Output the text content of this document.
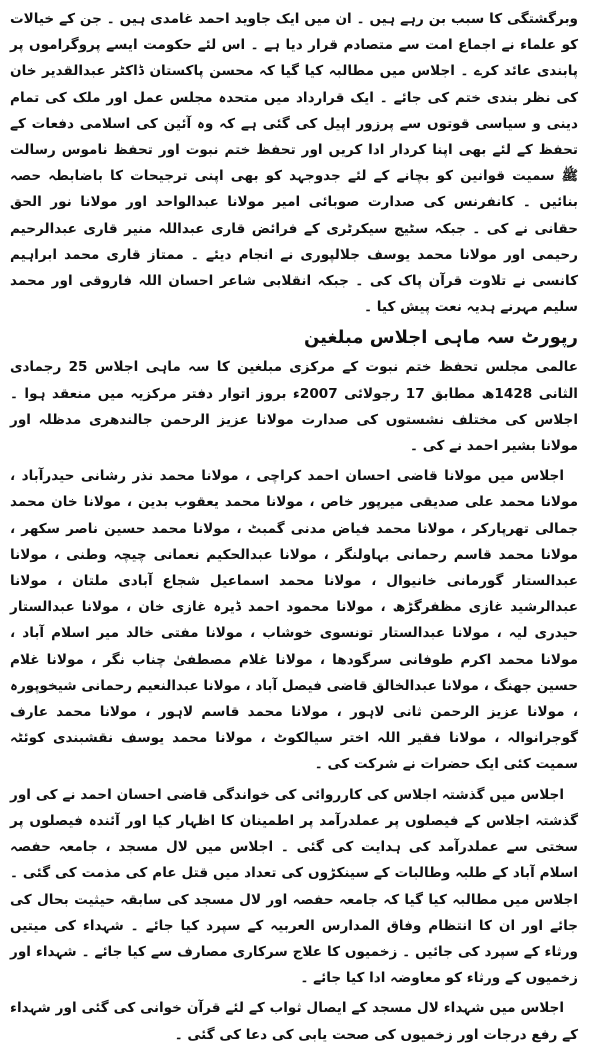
وبرگشتگی کا سبب بن رہے ہیں ۔ ان میں ایک جاوید احمد غامدی ہیں ۔ جن کے خیالات کو علماء نے اجماع امت سے متصادم قرار دیا ہے ۔ اس لئے حکومت ایسے پروگراموں پر پابندی عائد کرے ۔ اجلاس میں مطالبہ کیا گیا کہ محسن پاکستان ڈاکٹر عبدالقدیر خان کی نظر بندی ختم کی جائے ۔ ایک قرارداد میں متحدہ مجلس عمل اور ملک کی تمام دینی و سیاسی قوتوں سے پرزور اپیل کی گئی ہے کہ وہ آئین کی اسلامی دفعات کے تحفظ کے لئے بھی اپنا کردار ادا کریں اور تحفظ ختم نبوت اور تحفظ ناموس رسالت ﷺ سمیت قوانین کو بچانے کے لئے جدوجہد کو بھی اپنی ترجیحات کا باضابطہ حصہ بنائیں ۔ کانفرنس کی صدارت صوبائی امیر مولانا عبدالواحد اور مولانا نور الحق حقانی نے کی ۔ جبکہ سٹیج سیکرٹری کے فرائض قاری عبداللہ منیر قاری عبدالرحیم رحیمی اور مولانا محمد یوسف جلالپوری نے انجام دیئے ۔ ممتاز قاری محمد ابراہیم کانسی نے تلاوت قرآن پاک کی ۔ جبکہ انقلابی شاعر احسان اللہ فاروقی اور محمد سلیم مہرنے ہدیہ نعت پیش کیا ۔

رپورٹ سہ ماہی اجلاس مبلغین

عالمی مجلس تحفظ ختم نبوت کے مرکزی مبلغین کا سہ ماہی اجلاس 25 رجمادی الثانی 1428ھ مطابق 17 رجولائی 2007ء بروز اتوار دفتر مرکزیہ میں منعقد ہوا ۔ اجلاس کی مختلف نشستوں کی صدارت مولانا عزیز الرحمن جالندھری مدظلہ اور مولانا بشیر احمد نے کی ۔

اجلاس میں مولانا قاضی احسان احمد کراچی ، مولانا محمد نذر رشانی حیدرآباد ، مولانا محمد علی صدیقی میرپور خاص ، مولانا محمد یعقوب بدین ، مولانا خان محمد جمالی تھرپارکر ، مولانا محمد فیاض مدنی گمبٹ ، مولانا محمد حسین ناصر سکھر ، مولانا محمد قاسم رحمانی بہاولنگر ، مولانا عبدالحکیم نعمانی چیچہ وطنی ، مولانا عبدالستار گورمانی خانیوال ، مولانا محمد اسماعیل شجاع آبادی ملتان ، مولانا عبدالرشید غازی مظفرگڑھ ، مولانا محمود احمد ڈیرہ غازی خان ، مولانا عبدالستار حیدری لیہ ، مولانا عبدالستار تونسوی خوشاب ، مولانا مفتی خالد میر اسلام آباد ، مولانا محمد اکرم طوفانی سرگودھا ، مولانا غلام مصطفیٰ چناب نگر ، مولانا غلام حسین جھنگ ، مولانا عبدالخالق قاضی فیصل آباد ، مولانا عبدالنعیم رحمانی شیخوپورہ ، مولانا عزیز الرحمن ثانی لاہور ، مولانا محمد قاسم لاہور ، مولانا محمد عارف گوجرانوالہ ، مولانا فقیر اللہ اختر سیالکوٹ ، مولانا محمد یوسف نقشبندی کوئٹہ سمیت کئی ایک حضرات نے شرکت کی ۔

اجلاس میں گذشتہ اجلاس کی کارروائی کی خواندگی قاضی احسان احمد نے کی اور گذشتہ اجلاس کے فیصلوں پر عملدرآمد پر اطمینان کا اظہار کیا اور آئندہ فیصلوں پر سختی سے عملدرآمد کی ہدایت کی گئی ۔ اجلاس میں لال مسجد ، جامعہ حفصہ اسلام آباد کے طلبہ وطالبات کے سینکڑوں کی تعداد میں قتل عام کی مذمت کی گئی ۔ اجلاس میں مطالبہ کیا گیا کہ جامعہ حفصہ اور لال مسجد کی سابقہ حیثیت بحال کی جائے اور ان کا انتظام وفاق المدارس العربیہ کے سپرد کیا جائے ۔ شہداء کی میتیں ورثاء کے سپرد کی جائیں ۔ زخمیوں کا علاج سرکاری مصارف سے کیا جائے ۔ شہداء اور زخمیوں کے ورثاء کو معاوضہ ادا کیا جائے ۔

اجلاس میں شہداء لال مسجد کے ایصال ثواب کے لئے قرآن خوانی کی گئی اور شہداء کے رفع درجات اور زخمیوں کی صحت یابی کی دعا کی گئی ۔
